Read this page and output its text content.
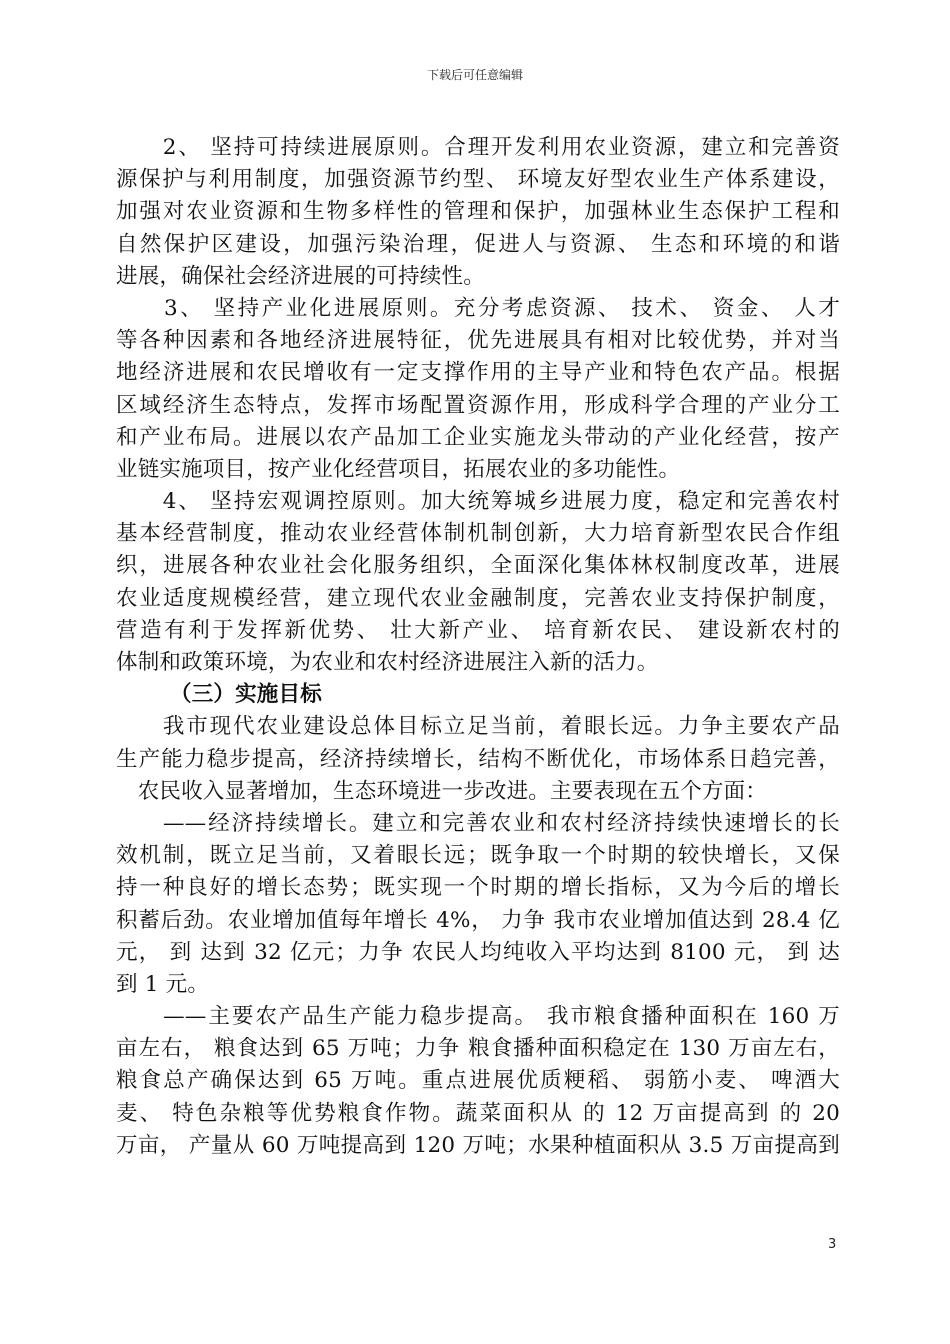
下载后可任意编辑
　　2、 坚持可持续进展原则。合理开发利用农业资源，建立和完善资
源保护与利用制度，加强资源节约型、 环境友好型农业生产体系建设，
加强对农业资源和生物多样性的管理和保护，加强林业生态保护工程和
自然保护区建设，加强污染治理，促进人与资源、 生态和环境的和谐
进展，确保社会经济进展的可持续性。
　　3、 坚持产业化进展原则。充分考虑资源、 技术、 资金、 人才
等各种因素和各地经济进展特征，优先进展具有相对比较优势，并对当
地经济进展和农民增收有一定支撑作用的主导产业和特色农产品。根据
区域经济生态特点，发挥市场配置资源作用，形成科学合理的产业分工
和产业布局。进展以农产品加工企业实施龙头带动的产业化经营，按产
业链实施项目，按产业化经营项目，拓展农业的多功能性。
　　4、 坚持宏观调控原则。加大统筹城乡进展力度，稳定和完善农村
基本经营制度，推动农业经营体制机制创新，大力培育新型农民合作组
织，进展各种农业社会化服务组织，全面深化集体林权制度改革，进展
农业适度规模经营，建立现代农业金融制度，完善农业支持保护制度，
营造有利于发挥新优势、 壮大新产业、 培育新农民、 建设新农村的
体制和政策环境，为农业和农村经济进展注入新的活力。
（三）实施目标
　　我市现代农业建设总体目标立足当前，着眼长远。力争主要农产品
生产能力稳步提高，经济持续增长，结构不断优化，市场体系日趋完善，
　农民收入显著增加，生态环境进一步改进。主要表现在五个方面：
　　——经济持续增长。建立和完善农业和农村经济持续快速增长的长
效机制，既立足当前，又着眼长远；既争取一个时期的较快增长，又保
持一种良好的增长态势；既实现一个时期的增长指标，又为今后的增长
积蓄后劲。农业增加值每年增长 4%， 力争 我市农业增加值达到 28.4 亿
元， 到 达到 32 亿元；力争 农民人均纯收入平均达到 8100 元， 到 达
到 1 元。
　　——主要农产品生产能力稳步提高。 我市粮食播种面积在 160 万
亩左右， 粮食达到 65 万吨；力争 粮食播种面积稳定在 130 万亩左右，
粮食总产确保达到 65 万吨。重点进展优质粳稻、 弱筋小麦、 啤酒大
麦、 特色杂粮等优势粮食作物。蔬菜面积从 的 12 万亩提高到 的 20
万亩， 产量从 60 万吨提高到 120 万吨；水果种植面积从 3.5 万亩提高到
3
